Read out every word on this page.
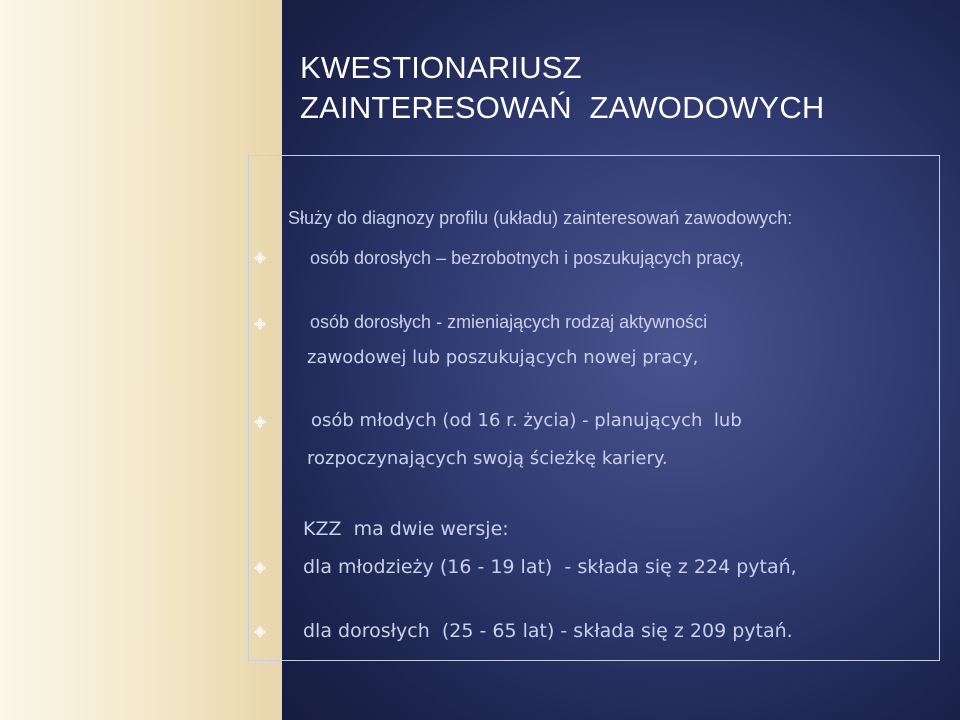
KWESTIONARIUSZ
ZAINTERESOWAŃ  ZAWODOWYCH

Służy do diagnozy profilu (układu) zainteresowań zawodowych:

osób dorosłych – bezrobotnych i poszukujących pracy,

osób dorosłych - zmieniających rodzaj aktywności

zawodowej lub poszukujących nowej pracy,

osób młodych (od 16 r. życia) - planujących  lub

rozpoczynających swoją ścieżkę kariery.

KZZ  ma dwie wersje:

dla młodzieży (16 - 19 lat)  - składa się z 224 pytań,

dla dorosłych  (25 - 65 lat) - składa się z 209 pytań.
